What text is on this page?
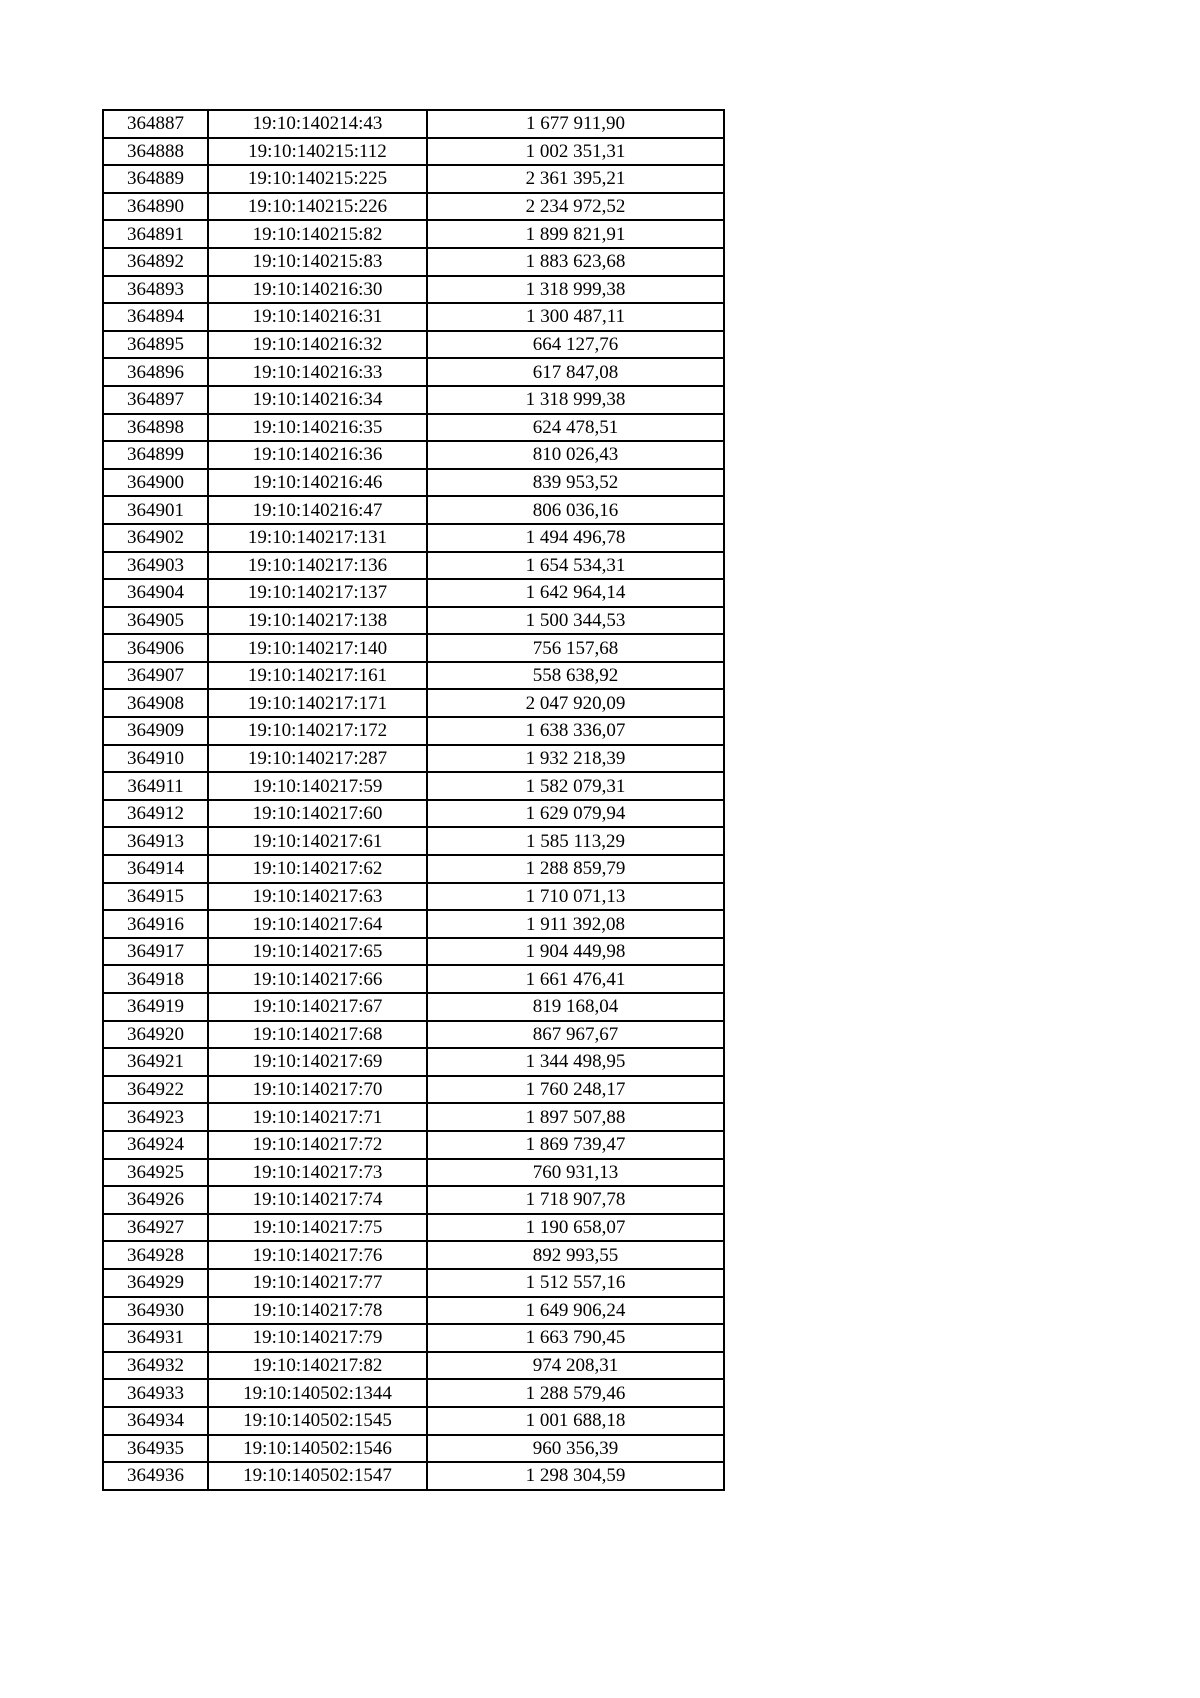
364887	19:10:140214:43	1 677 911,90
364888	19:10:140215:112	1 002 351,31
364889	19:10:140215:225	2 361 395,21
364890	19:10:140215:226	2 234 972,52
364891	19:10:140215:82	1 899 821,91
364892	19:10:140215:83	1 883 623,68
364893	19:10:140216:30	1 318 999,38
364894	19:10:140216:31	1 300 487,11
364895	19:10:140216:32	664 127,76
364896	19:10:140216:33	617 847,08
364897	19:10:140216:34	1 318 999,38
364898	19:10:140216:35	624 478,51
364899	19:10:140216:36	810 026,43
364900	19:10:140216:46	839 953,52
364901	19:10:140216:47	806 036,16
364902	19:10:140217:131	1 494 496,78
364903	19:10:140217:136	1 654 534,31
364904	19:10:140217:137	1 642 964,14
364905	19:10:140217:138	1 500 344,53
364906	19:10:140217:140	756 157,68
364907	19:10:140217:161	558 638,92
364908	19:10:140217:171	2 047 920,09
364909	19:10:140217:172	1 638 336,07
364910	19:10:140217:287	1 932 218,39
364911	19:10:140217:59	1 582 079,31
364912	19:10:140217:60	1 629 079,94
364913	19:10:140217:61	1 585 113,29
364914	19:10:140217:62	1 288 859,79
364915	19:10:140217:63	1 710 071,13
364916	19:10:140217:64	1 911 392,08
364917	19:10:140217:65	1 904 449,98
364918	19:10:140217:66	1 661 476,41
364919	19:10:140217:67	819 168,04
364920	19:10:140217:68	867 967,67
364921	19:10:140217:69	1 344 498,95
364922	19:10:140217:70	1 760 248,17
364923	19:10:140217:71	1 897 507,88
364924	19:10:140217:72	1 869 739,47
364925	19:10:140217:73	760 931,13
364926	19:10:140217:74	1 718 907,78
364927	19:10:140217:75	1 190 658,07
364928	19:10:140217:76	892 993,55
364929	19:10:140217:77	1 512 557,16
364930	19:10:140217:78	1 649 906,24
364931	19:10:140217:79	1 663 790,45
364932	19:10:140217:82	974 208,31
364933	19:10:140502:1344	1 288 579,46
364934	19:10:140502:1545	1 001 688,18
364935	19:10:140502:1546	960 356,39
364936	19:10:140502:1547	1 298 304,59
